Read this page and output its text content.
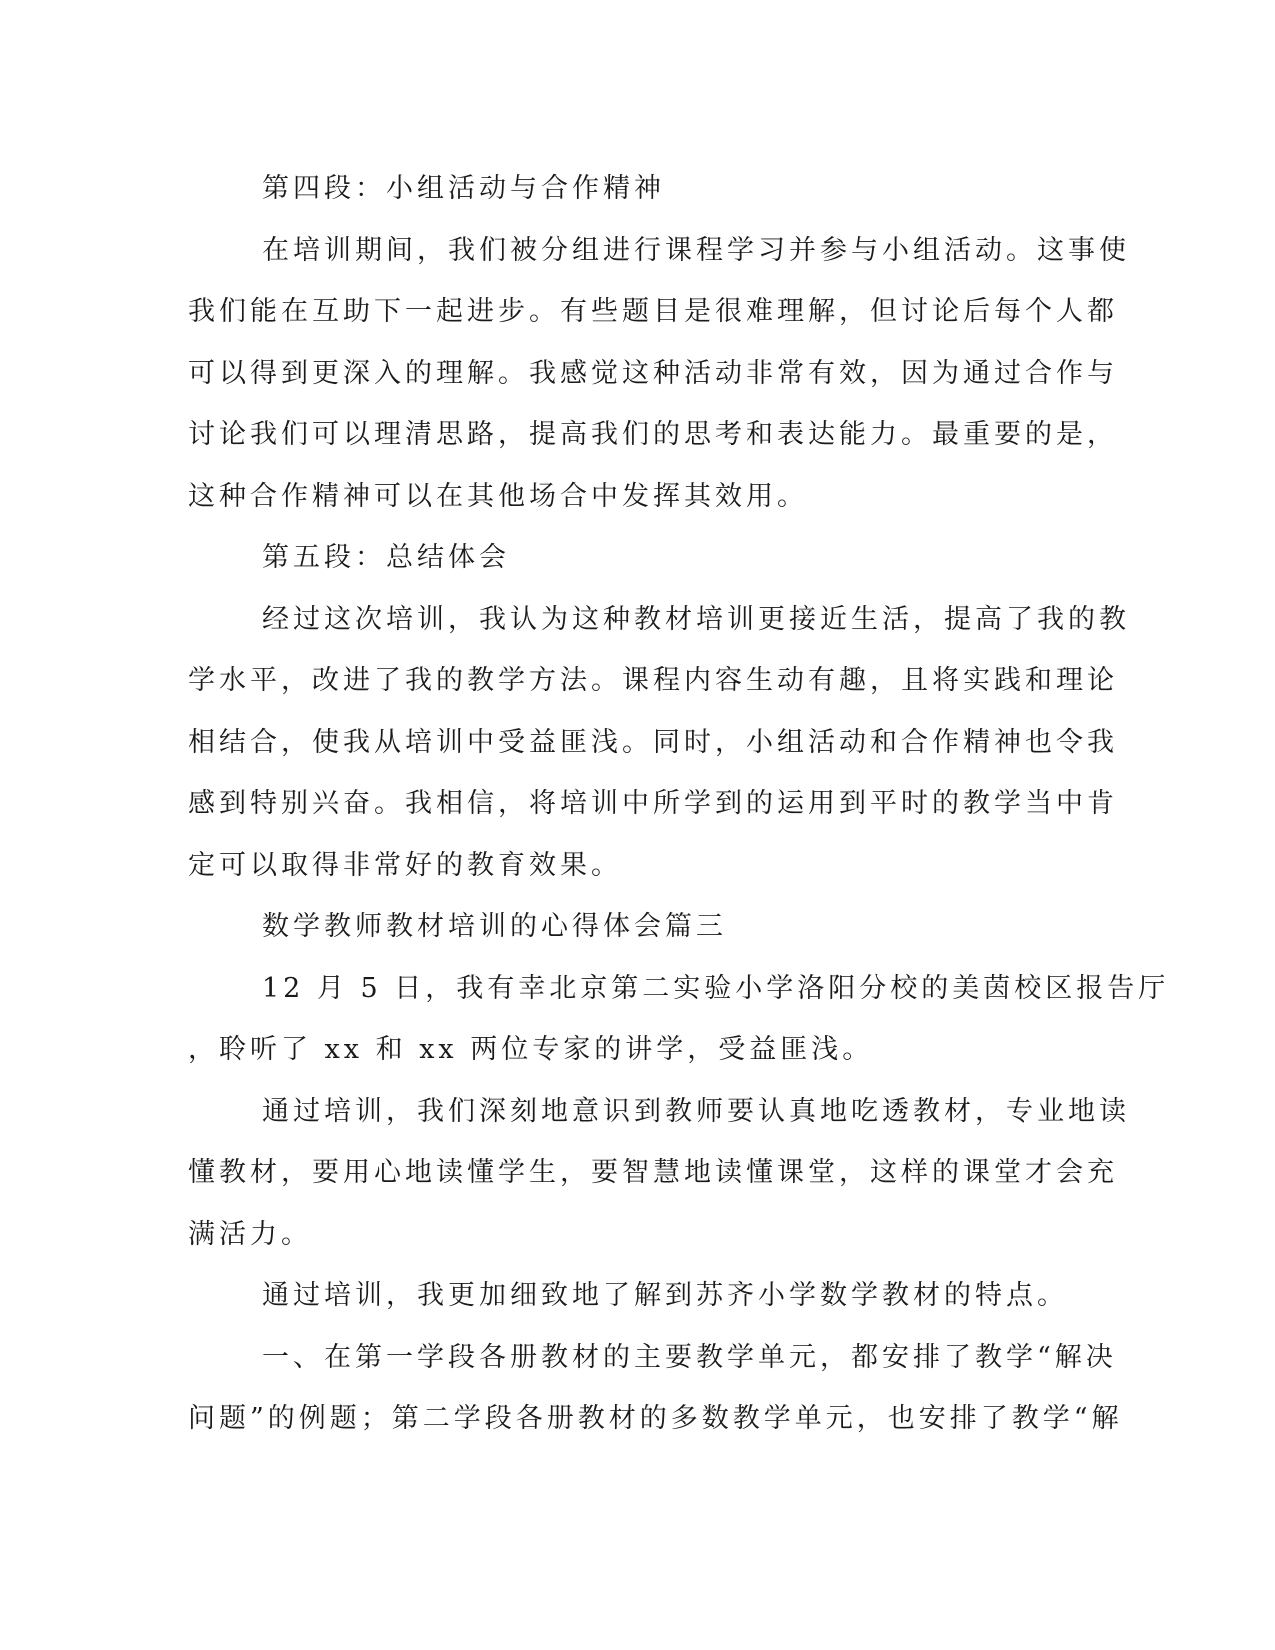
第四段：小组活动与合作精神
在培训期间，我们被分组进行课程学习并参与小组活动。这事使
我们能在互助下一起进步。有些题目是很难理解，但讨论后每个人都
可以得到更深入的理解。我感觉这种活动非常有效，因为通过合作与
讨论我们可以理清思路，提高我们的思考和表达能力。最重要的是，
这种合作精神可以在其他场合中发挥其效用。
第五段：总结体会
经过这次培训，我认为这种教材培训更接近生活，提高了我的教
学水平，改进了我的教学方法。课程内容生动有趣，且将实践和理论
相结合，使我从培训中受益匪浅。同时，小组活动和合作精神也令我
感到特别兴奋。我相信，将培训中所学到的运用到平时的教学当中肯
定可以取得非常好的教育效果。
数学教师教材培训的心得体会篇三
12 月 5 日，我有幸北京第二实验小学洛阳分校的美茵校区报告厅
，聆听了 xx 和 xx 两位专家的讲学，受益匪浅。
通过培训，我们深刻地意识到教师要认真地吃透教材，专业地读
懂教材，要用心地读懂学生，要智慧地读懂课堂，这样的课堂才会充
满活力。
通过培训，我更加细致地了解到苏齐小学数学教材的特点。
一、在第一学段各册教材的主要教学单元，都安排了教学“解决
问题”的例题；第二学段各册教材的多数教学单元，也安排了教学“解
